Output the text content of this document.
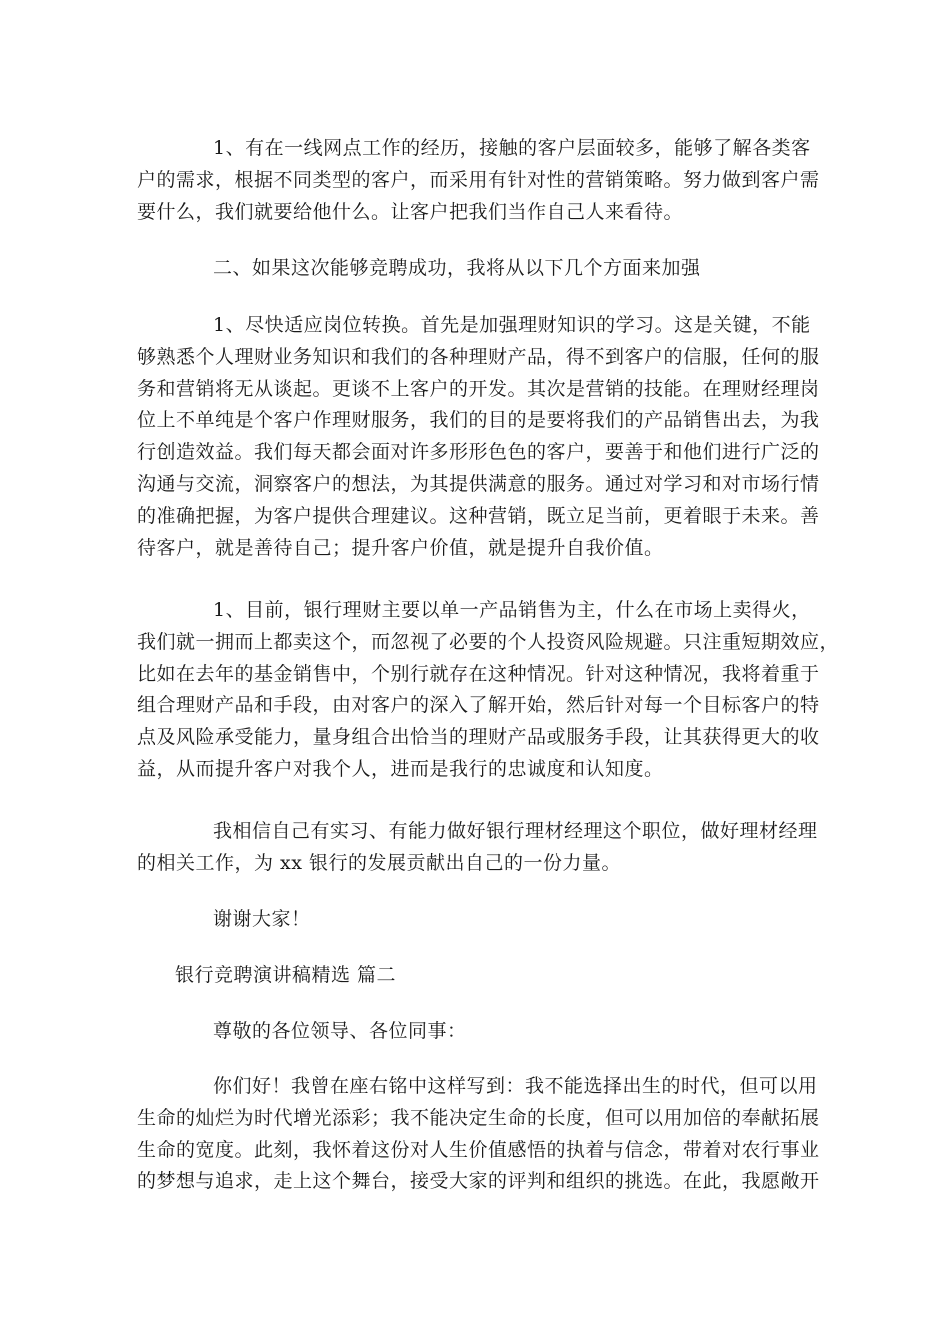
1、有在一线网点工作的经历，接触的客户层面较多，能够了解各类客
户的需求，根据不同类型的客户，而采用有针对性的营销策略。努力做到客户需
要什么，我们就要给他什么。让客户把我们当作自己人来看待。
二、如果这次能够竞聘成功，我将从以下几个方面来加强
1、尽快适应岗位转换。首先是加强理财知识的学习。这是关键，不能
够熟悉个人理财业务知识和我们的各种理财产品，得不到客户的信服，任何的服
务和营销将无从谈起。更谈不上客户的开发。其次是营销的技能。在理财经理岗
位上不单纯是个客户作理财服务，我们的目的是要将我们的产品销售出去，为我
行创造效益。我们每天都会面对许多形形色色的客户，要善于和他们进行广泛的
沟通与交流，洞察客户的想法，为其提供满意的服务。通过对学习和对市场行情
的准确把握，为客户提供合理建议。这种营销，既立足当前，更着眼于未来。善
待客户，就是善待自己；提升客户价值，就是提升自我价值。
1、目前，银行理财主要以单一产品销售为主，什么在市场上卖得火，
我们就一拥而上都卖这个，而忽视了必要的个人投资风险规避。只注重短期效应，
比如在去年的基金销售中，个别行就存在这种情况。针对这种情况，我将着重于
组合理财产品和手段，由对客户的深入了解开始，然后针对每一个目标客户的特
点及风险承受能力，量身组合出恰当的理财产品或服务手段，让其获得更大的收
益，从而提升客户对我个人，进而是我行的忠诚度和认知度。
我相信自己有实习、有能力做好银行理材经理这个职位，做好理材经理
的相关工作，为 xx 银行的发展贡献出自己的一份力量。
谢谢大家！
银行竞聘演讲稿精选 篇二
尊敬的各位领导、各位同事：
你们好！我曾在座右铭中这样写到：我不能选择出生的时代，但可以用
生命的灿烂为时代增光添彩；我不能决定生命的长度，但可以用加倍的奉献拓展
生命的宽度。此刻，我怀着这份对人生价值感悟的执着与信念，带着对农行事业
的梦想与追求，走上这个舞台，接受大家的评判和组织的挑选。在此，我愿敞开
